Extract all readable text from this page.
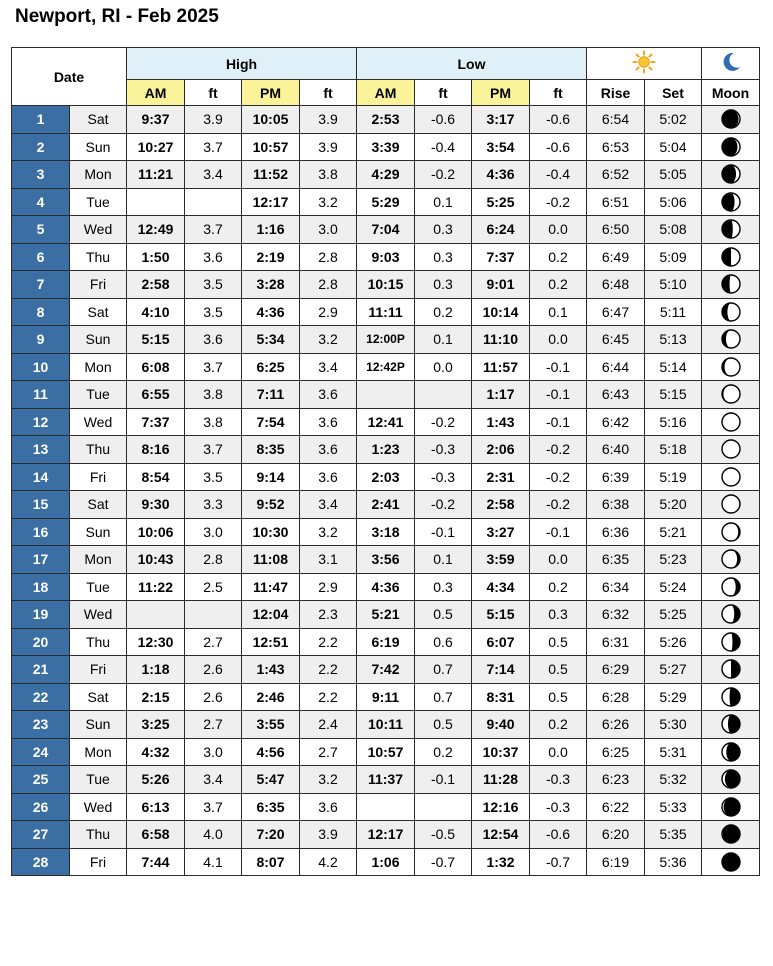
Newport, RI - Feb 2025
Date		High				Low		
		AM	ft	PM	ft	AM	ft	PM	ft	Rise	Set	Moon
1	Sat	9:37	3.9	10:05	3.9	2:53	-0.6	3:17	-0.6	6:54	5:02	
2	Sun	10:27	3.7	10:57	3.9	3:39	-0.4	3:54	-0.6	6:53	5:04	
3	Mon	11:21	3.4	11:52	3.8	4:29	-0.2	4:36	-0.4	6:52	5:05	
4	Tue			12:17	3.2	5:29	0.1	5:25	-0.2	6:51	5:06	
5	Wed	12:49	3.7	1:16	3.0	7:04	0.3	6:24	0.0	6:50	5:08	
6	Thu	1:50	3.6	2:19	2.8	9:03	0.3	7:37	0.2	6:49	5:09	
7	Fri	2:58	3.5	3:28	2.8	10:15	0.3	9:01	0.2	6:48	5:10	
8	Sat	4:10	3.5	4:36	2.9	11:11	0.2	10:14	0.1	6:47	5:11	
9	Sun	5:15	3.6	5:34	3.2	12:00P	0.1	11:10	0.0	6:45	5:13	
10	Mon	6:08	3.7	6:25	3.4	12:42P	0.0	11:57	-0.1	6:44	5:14	
11	Tue	6:55	3.8	7:11	3.6			1:17	-0.1	6:43	5:15	
12	Wed	7:37	3.8	7:54	3.6	12:41	-0.2	1:43	-0.1	6:42	5:16	
13	Thu	8:16	3.7	8:35	3.6	1:23	-0.3	2:06	-0.2	6:40	5:18	
14	Fri	8:54	3.5	9:14	3.6	2:03	-0.3	2:31	-0.2	6:39	5:19	
15	Sat	9:30	3.3	9:52	3.4	2:41	-0.2	2:58	-0.2	6:38	5:20	
16	Sun	10:06	3.0	10:30	3.2	3:18	-0.1	3:27	-0.1	6:36	5:21	
17	Mon	10:43	2.8	11:08	3.1	3:56	0.1	3:59	0.0	6:35	5:23	
18	Tue	11:22	2.5	11:47	2.9	4:36	0.3	4:34	0.2	6:34	5:24	
19	Wed			12:04	2.3	5:21	0.5	5:15	0.3	6:32	5:25	
20	Thu	12:30	2.7	12:51	2.2	6:19	0.6	6:07	0.5	6:31	5:26	
21	Fri	1:18	2.6	1:43	2.2	7:42	0.7	7:14	0.5	6:29	5:27	
22	Sat	2:15	2.6	2:46	2.2	9:11	0.7	8:31	0.5	6:28	5:29	
23	Sun	3:25	2.7	3:55	2.4	10:11	0.5	9:40	0.2	6:26	5:30	
24	Mon	4:32	3.0	4:56	2.7	10:57	0.2	10:37	0.0	6:25	5:31	
25	Tue	5:26	3.4	5:47	3.2	11:37	-0.1	11:28	-0.3	6:23	5:32	
26	Wed	6:13	3.7	6:35	3.6			12:16	-0.3	6:22	5:33	
27	Thu	6:58	4.0	7:20	3.9	12:17	-0.5	12:54	-0.6	6:20	5:35	
28	Fri	7:44	4.1	8:07	4.2	1:06	-0.7	1:32	-0.7	6:19	5:36	
